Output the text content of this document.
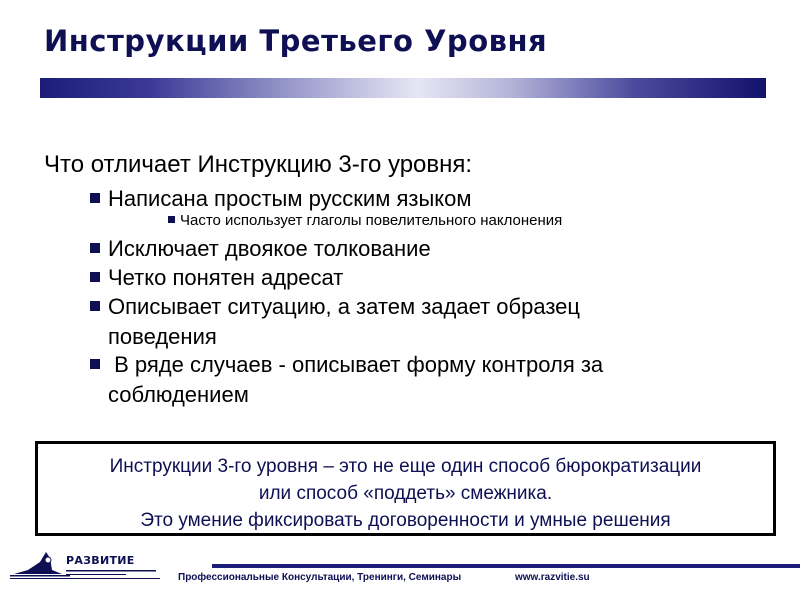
Инструкции Третьего Уровня
Что отличает Инструкцию 3-го уровня:
Написана простым русским языком
Часто использует глаголы повелительного наклонения
Исключает двоякое толкование
Четко понятен адресат
Описывает ситуацию, а затем задает образец
поведения
В ряде случаев - описывает форму контроля за
соблюдением
Инструкции 3-го уровня – это не еще один способ бюрократизации
или способ «поддеть» смежника.
Это умение фиксировать договоренности и умные решения
РАЗВИТИЕ
Профессиональные Консультации, Тренинги, Семинары	www.razvitie.su
